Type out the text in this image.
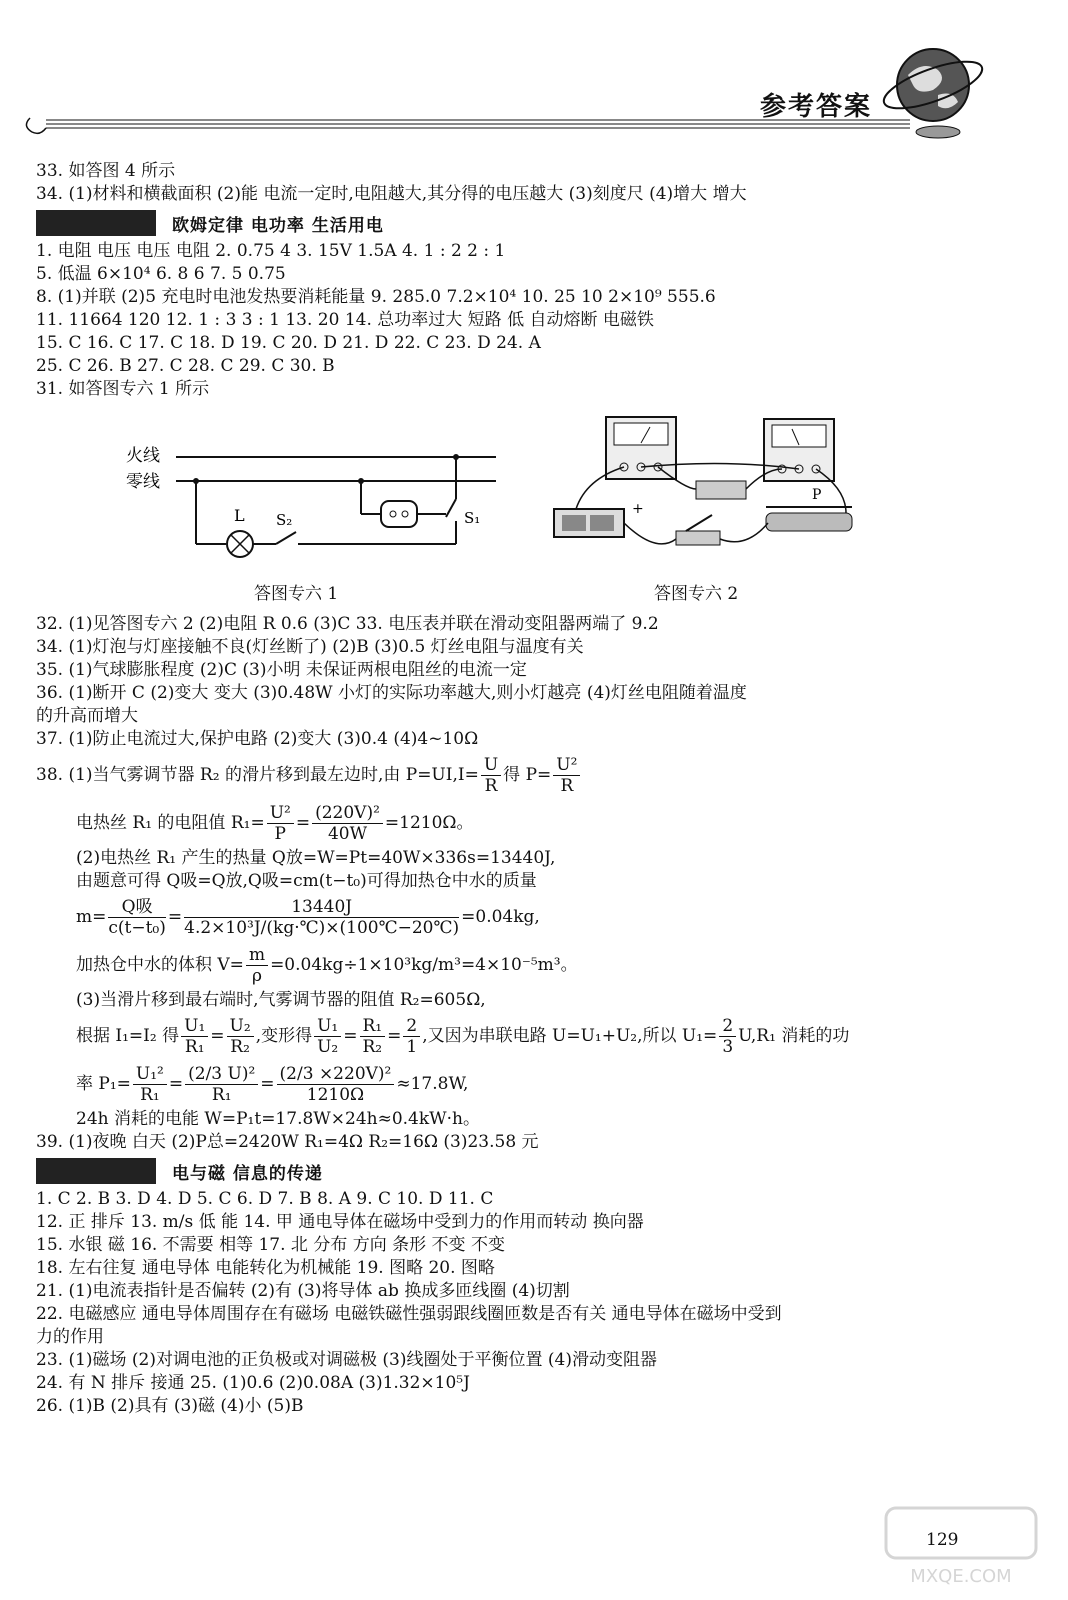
参考答案
33. 如答图 4 所示
34. (1)材料和横截面积 (2)能 电流一定时,电阻越大,其分得的电压越大 (3)刻度尺 (4)增大 增大
欧姆定律 电功率 生活用电
1. 电阻 电压 电压 电阻 2. 0.75 4 3. 15V 1.5A 4. 1 : 2 2 : 1
5. 低温 6×10⁴ 6. 8 6 7. 5 0.75
8. (1)并联 (2)5 充电时电池发热要消耗能量 9. 285.0 7.2×10⁴ 10. 25 10 2×10⁹ 555.6
11. 11664 120 12. 1 : 3 3 : 1 13. 20 14. 总功率过大 短路 低 自动熔断 电磁铁
15. C 16. C 17. C 18. D 19. C 20. D 21. D 22. C 23. D 24. A
25. C 26. B 27. C 28. C 29. C 30. B
31. 如答图专六 1 所示
火线
零线
L S₂	S₁
答图专六 1
+
P
答图专六 2
32. (1)见答图专六 2 (2)电阻 R 0.6 (3)C 33. 电压表并联在滑动变阻器两端了 9.2
34. (1)灯泡与灯座接触不良(灯丝断了) (2)B (3)0.5 灯丝电阻与温度有关
35. (1)气球膨胀程度 (2)C (3)小明 未保证两根电阻丝的电流一定
36. (1)断开 C (2)变大 变大 (3)0.48W 小灯的实际功率越大,则小灯越亮 (4)灯丝电阻随着温度
的升高而增大
37. (1)防止电流过大,保护电路 (2)变大 (3)0.4 (4)4~10Ω
38. (1)当气雾调节器 R₂ 的滑片移到最左边时,由 $P=UI,I= \frac{U}{R}$ 得 $P= \frac{\text{U²}}{R}$
电热丝 R₁ 的电阻值 $R_1= \frac{\text{U²}}{P} = \frac{\text{(220V)²}}{40W} =1210\Omega$。
(2)电热丝 R₁ 产生的热量 Q放=W=Pt=40W×336s=13440J,
由题意可得 Q吸=Q放,Q吸=cm(t−t₀)可得加热仓中水的质量
$m= \frac{\text{Q吸}}{\text{c(t−t₀)}} = \frac{13440J}{\text{4.2×10³J/(kg·℃)×(100℃−20℃)}} =0.04kg$,
加热仓中水的体积 $V= \frac{m}{\rho} =0.04kg\div 1\times 10^3kg/m^3=4\times 10^{-5}m^3$。
(3)当滑片移到最右端时,气雾调节器的阻值 R₂=605Ω,
根据 I₁=I₂ 得 $\frac{\text{U₁}}{\text{R₁}} = \frac{\text{U₂}}{\text{R₂}}$ ,变形得 $\frac{\text{U₁}}{\text{U₂}} = \frac{\text{R₁}}{\text{R₂}} = \frac{2}{1}$ ,又因为串联电路 U=U₁+U₂,所以 $U_1= \frac{2}{3} U,R_1$ 消耗的功
率 $P_1= \frac{\text{U₁²}}{\text{R₁}} = \frac{\text{(2/3 U)²}}{\text{R₁}} = \frac{\text{(2/3 ×220V)²}}{1210\Omega} \approx 17.8W$,
24h 消耗的电能 W=P₁t=17.8W×24h≈0.4kW·h。
39. (1)夜晚 白天 (2)P总=2420W R₁=4Ω R₂=16Ω (3)23.58 元
电与磁 信息的传递
1. C 2. B 3. D 4. D 5. C 6. D 7. B 8. A 9. C 10. D 11. C
12. 正 排斥 13. m/s 低 能 14. 甲 通电导体在磁场中受到力的作用而转动 换向器
15. 水银 磁 16. 不需要 相等 17. 北 分布 方向 条形 不变 不变
18. 左右往复 通电导体 电能转化为机械能 19. 图略 20. 图略
21. (1)电流表指针是否偏转 (2)有 (3)将导体 ab 换成多匝线圈 (4)切割
22. 电磁感应 通电导体周围存在有磁场 电磁铁磁性强弱跟线圈匝数是否有关 通电导体在磁场中受到
力的作用
23. (1)磁场 (2)对调电池的正负极或对调磁极 (3)线圈处于平衡位置 (4)滑动变阻器
24. 有 N 排斥 接通 25. (1)0.6 (2)0.08A (3)1.32×10⁵J
26. (1)B (2)具有 (3)磁 (4)小 (5)B
MXQE.COM
129
